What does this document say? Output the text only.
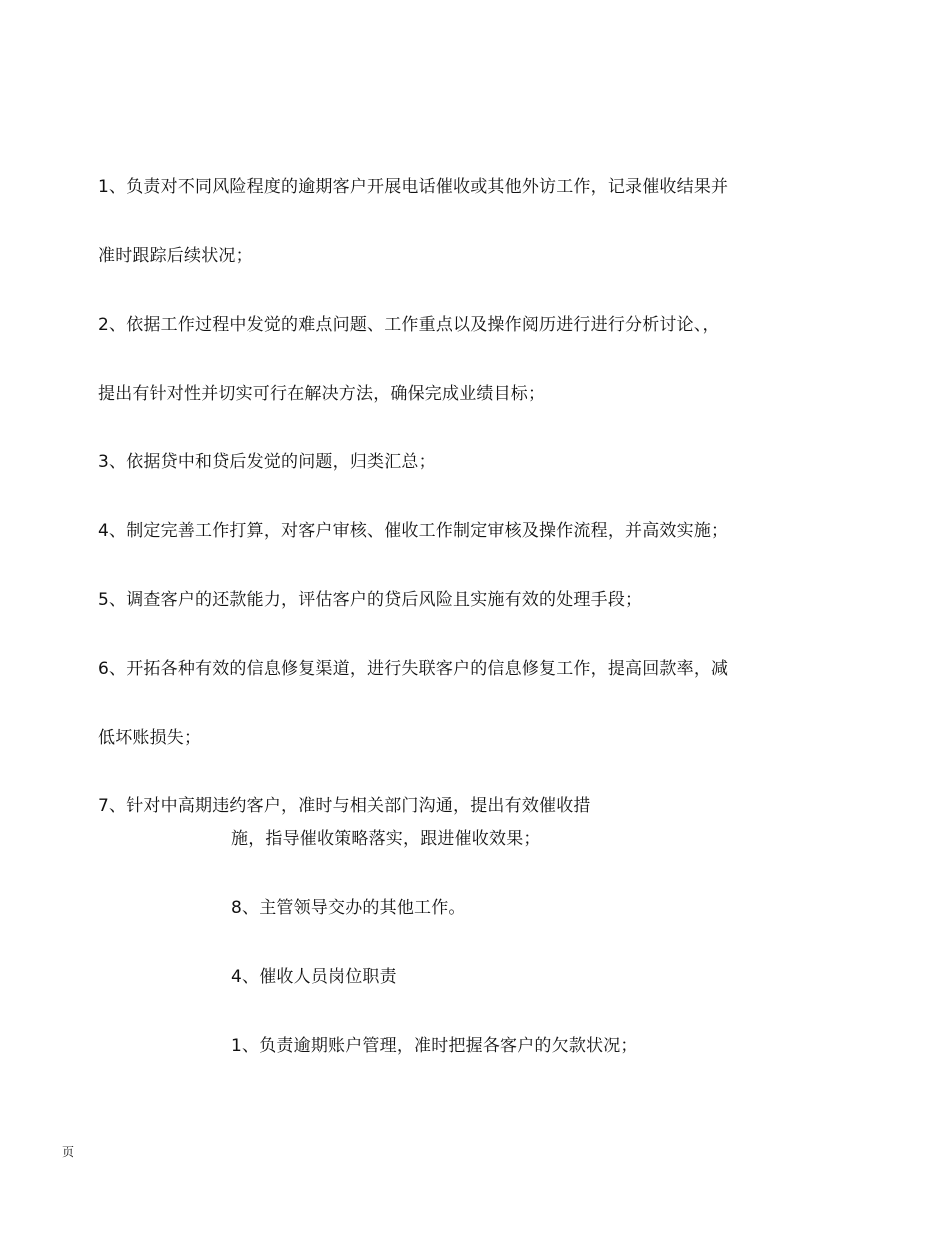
1、负责对不同风险程度的逾期客户开展电话催收或其他外访工作，记录催收结果并
准时跟踪后续状况；
2、依据工作过程中发觉的难点问题、工作重点以及操作阅历进行进行分析讨论、，
提出有针对性并切实可行在解决方法，确保完成业绩目标；
3、依据贷中和贷后发觉的问题，归类汇总；
4、制定完善工作打算，对客户审核、催收工作制定审核及操作流程，并高效实施；
5、调查客户的还款能力，评估客户的贷后风险且实施有效的处理手段；
6、开拓各种有效的信息修复渠道，进行失联客户的信息修复工作，提高回款率，减
低坏账损失；
7、针对中高期违约客户，准时与相关部门沟通，提出有效催收措
施，指导催收策略落实，跟进催收效果；
8、主管领导交办的其他工作。
4、催收人员岗位职责
1、负责逾期账户管理，准时把握各客户的欠款状况；
页
